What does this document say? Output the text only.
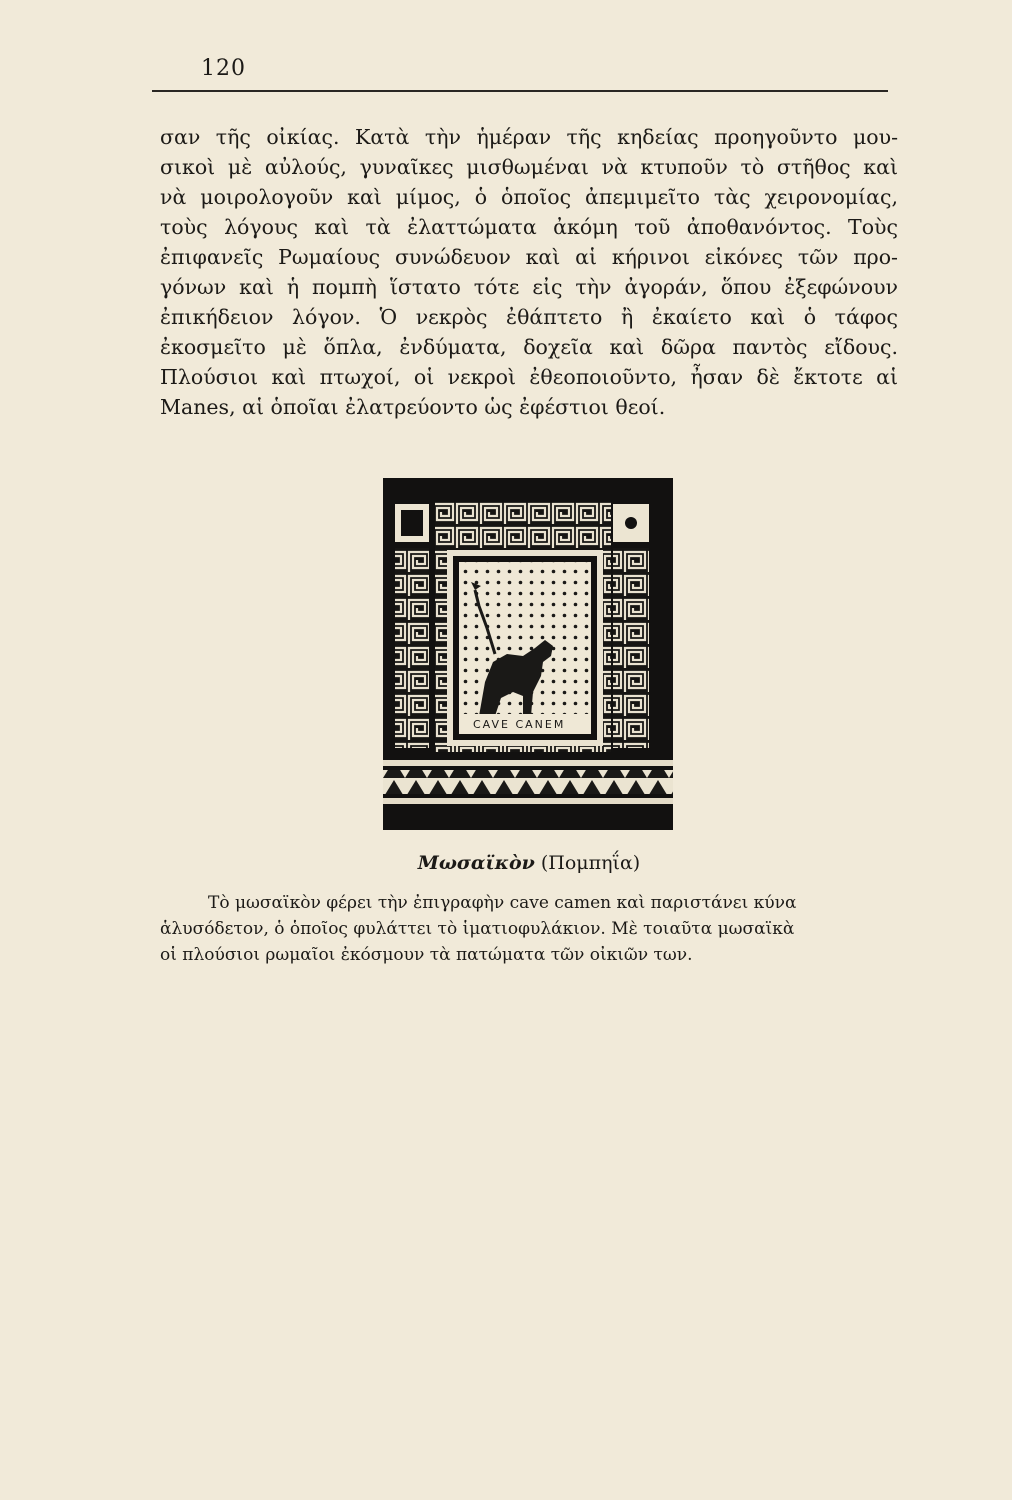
120
σαν τῆς οἰκίας. Κατὰ τὴν ἡμέραν τῆς κηδείας προηγοῦντο μου-
σικοὶ μὲ αὐλούς, γυναῖκες μισθωμέναι νὰ κτυποῦν τὸ στῆθος καὶ
νὰ μοιρολογοῦν καὶ μίμος, ὁ ὁποῖος ἀπεμιμεῖτο τὰς χειρονομίας,
τοὺς λόγους καὶ τὰ ἐλαττώματα ἀκόμη τοῦ ἀποθανόντος. Τοὺς
ἐπιφανεῖς Ρωμαίους συνώδευον καὶ αἱ κήρινοι εἰκόνες τῶν προ-
γόνων καὶ ἡ πομπὴ ἵστατο τότε εἰς τὴν ἀγοράν, ὅπου ἐξεφώνουν
ἐπικήδειον λόγον. Ὁ νεκρὸς ἐθάπτετο ἢ ἐκαίετο καὶ ὁ τάφος
ἐκοσμεῖτο μὲ ὅπλα, ἐνδύματα, δοχεῖα καὶ δῶρα παντὸς εἴδους.
Πλούσιοι καὶ πτωχοί, οἱ νεκροὶ ἐθεοποιοῦντο, ἦσαν δὲ ἔκτοτε αἱ
Manes, αἱ ὁποῖαι ἐλατρεύοντο ὡς ἐφέστιοι θεοί.
CAVE CANEM
Μωσαϊκὸν (Πομπηΐα)
Τὸ μωσαϊκὸν φέρει τὴν ἐπιγραφὴν cave camen καὶ παριστάνει κύνα
ἁλυσόδετον, ὁ ὁποῖος φυλάττει τὸ ἱματιοφυλάκιον. Μὲ τοιαῦτα μωσαϊκὰ
οἱ πλούσιοι ρωμαῖοι ἐκόσμουν τὰ πατώματα τῶν οἰκιῶν των.
